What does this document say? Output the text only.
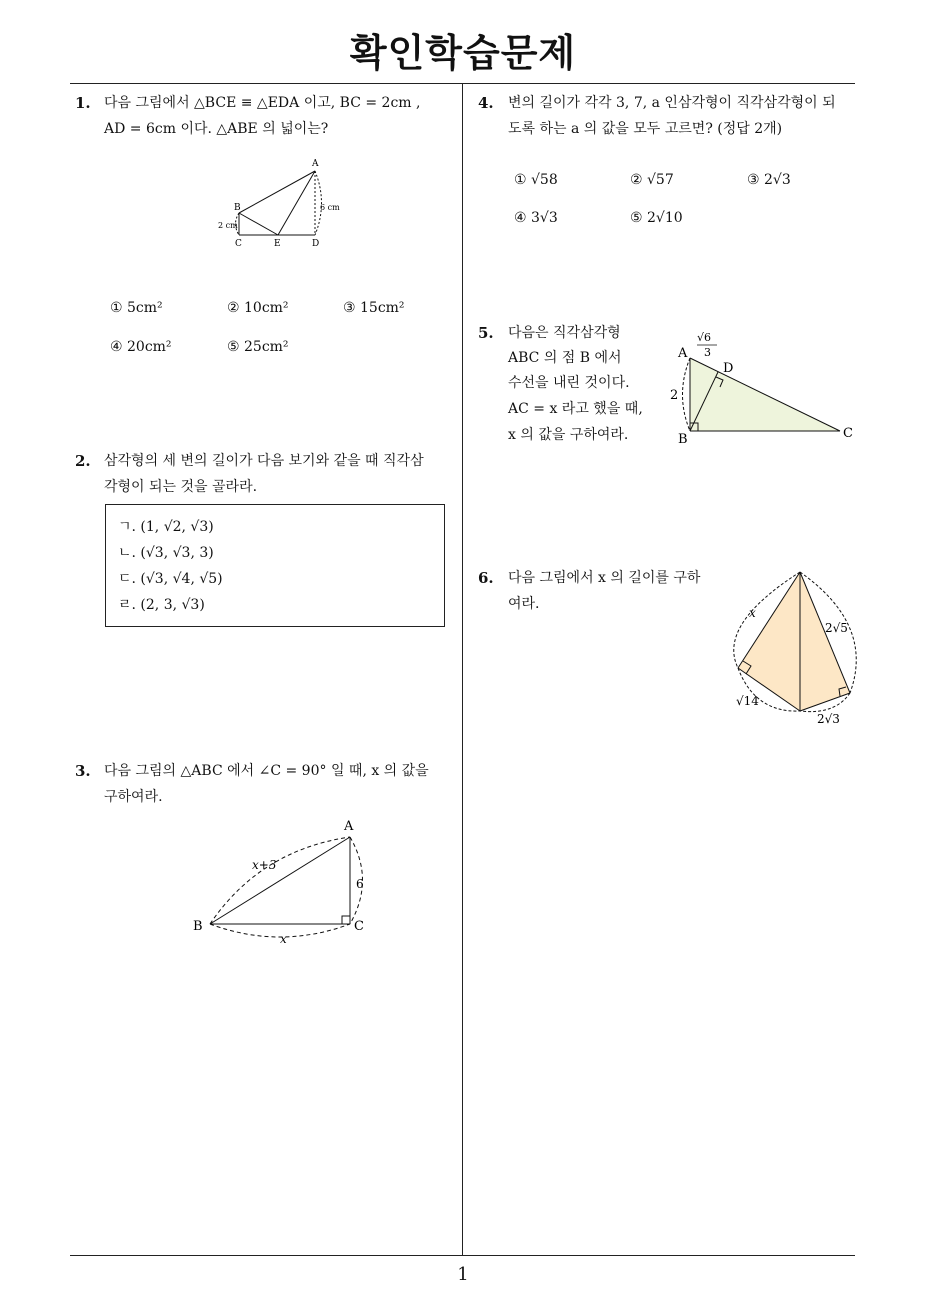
확인학습문제
1
1. 다음 그림에서 △BCE ≡ △EDA 이고, BC = 2cm ,
AD = 6cm 이다. △ABE 의 넓이는?
A
B
C	E	D
2 cm
6 cm
① 5cm²	② 10cm²	③ 15cm²
④ 20cm²	⑤ 25cm²
2. 삼각형의 세 변의 길이가 다음 보기와 같을 때 직각삼
각형이 되는 것을 골라라.
ㄱ. (1, √2, √3)
ㄴ. (√3, √3, 3)
ㄷ. (√3, √4, √5)
ㄹ. (2, 3, √3)
3. 다음 그림의 △ABC 에서 ∠C = 90° 일 때, x 의 값을
구하여라.
A
B	C
x+3
6
x
4. 변의 길이가 각각 3, 7, a 인삼각형이 직각삼각형이 되
도록 하는 a 의 값을 모두 고르면? (정답 2개)
① √58	② √57	③ 2√3
④ 3√3	⑤ 2√10
5. 다음은 직각삼각형
ABC 의 점 B 에서
수선을 내린 것이다.
AC = x 라고 했을 때,
x 의 값을 구하여라.
√6
3
A
D
B	C
2
6. 다음 그림에서 x 의 길이를 구하
여라.
x
2√5
2√3
√14
